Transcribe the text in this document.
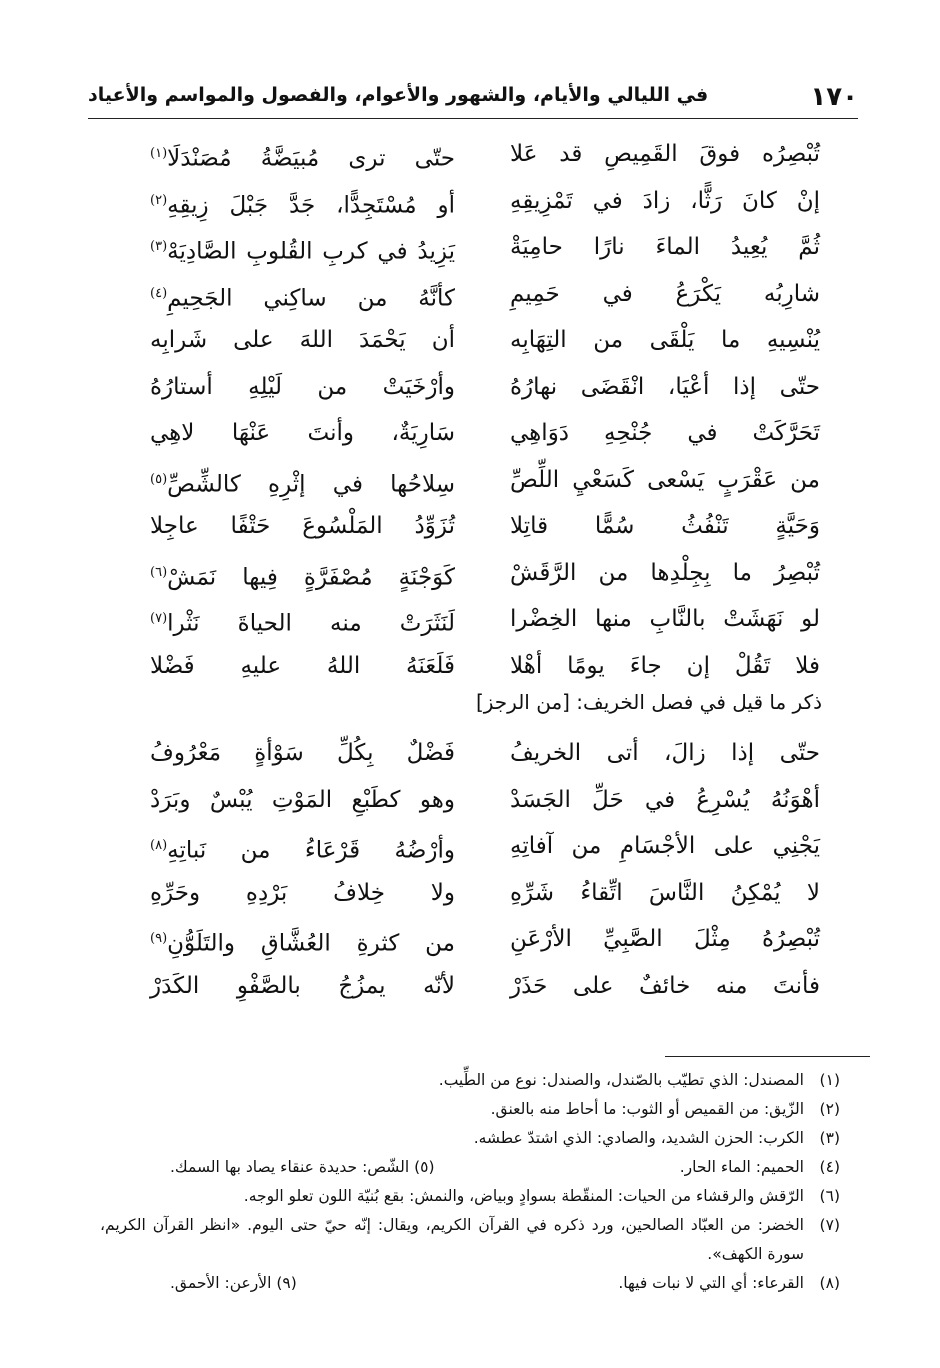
١٧٠
في الليالي والأيام، والشهور والأعوام، والفصول والمواسم والأعياد
تُبْصِرُه فوقَ القَمِيصِ قد عَلا
حتّى ترى مُبيَضَّةُ مُصَنْدَلَا$^{(١)}$
إنْ كانَ رَثًّا، زادَ في تَمْزِيقِهِ
أو مُسْتَجِدًّا، جَدَّ جَبْلَ زِيقِهِ$^{(٢)}$
ثُمَّ يُعِيدُ الماءَ نارًا حامِيَةْ
يَزِيدُ في كربِ القُلوبِ الصَّادِيَهْ$^{(٣)}$
شارِبُه يَكْرَعُ في حَمِيمِ
كأنَّهُ من ساكِني الجَحِيمِ$^{(٤)}$
يُنْسِيهِ ما يَلْقَى من التِهَابِه
أن يَحْمَدَ اللهَ على شَرابِه
حتّى إذا أعْيَا، انْقَضَى نهارُهُ
وأرْخَيَتْ من لَيْلِهِ أستارُهُ
تَحَرَّكَتْ في جُنْحِهِ دَوَاهِي
سَارِيَةٌ، وأنتَ عَنْهَا لاهِي
من عَقْرَبٍ يَسْعى كَسَعْيِ اللِّصِّ
سِلاحُها في إثْرِهِ كالشِّصِّ$^{(٥)}$
وَحَيَّةٍ تَنْفُثُ سُمًّا قاتِلا
تُزَوِّدُ المَلْسُوعَ حَتْفًا عاجِلا
تُبْصِرُ ما بِجِلْدِها من الرَّقَشْ
كَوَجْنَةٍ مُصْفَرَّةٍ فِيها نَمَشْ$^{(٦)}$
لو نَهَشَتْ بالنَّابِ منها الخِضْرا
لَنَثَرَتْ منه الحياةَ نَثْرا$^{(٧)}$
فلا تَقُلْ إن جاءَ يومًا أهْلا
فَلَعَنَهُ اللهُ عليهِ فَضْلا
ذكر ما قيل في فصل الخريف: [من الرجز]
حتّى إذا زالَ، أتى الخريفُ
فَضْلٌ بِكُلِّ سَوْأةٍ مَعْرُوفُ
أهْوَنُهُ يُسْرِعُ في حَلِّ الجَسَدْ
وهو كطَبْعِ المَوْتِ يُبْسٌ وبَرَدْ
يَجْنِي على الأجْسَامِ من آفاتِهِ
وأرْضُهُ قَرْعَاءُ من نَباتِهِ$^{(٨)}$
لا يُمْكِنُ النَّاسَ اتِّقاءُ شَرِّهِ
ولا خِلافُ بَرْدِهِ وحَرِّهِ
تُبْصِرُهُ مِثْلَ الصَّبِيِّ الأرْعَنِ
من كثرةِ العُشَّاقِ والتَلَوُّنِ$^{(٩)}$
فأنتَ منه خائفٌ على حَذَرْ
لأنّه يمزُجُ بالصَّفْوِ الكَدَرْ
(١)
المصندل: الذي تطيّب بالصّندل، والصندل: نوع من الطِّيب.
(٢)
الزّيق: من القميص أو الثوب: ما أحاط منه بالعنق.
(٣)
الكرب: الحزن الشديد، والصادي: الذي اشتدّ عطشه.
(٤)
الحميم: الماء الحار.
(٥) الشّص: حديدة عنقاء يصاد بها السمك.
(٦)
الرّقش والرقشاء من الحيات: المنقّطة بسوادٍ وبياض، والنمش: بقع بُنيّة اللون تعلو الوجه.
(٧)
الخضر: من العبّاد الصالحين، ورد ذكره في القرآن الكريم، ويقال: إنّه حيّ حتى اليوم. «انظر القرآن الكريم، سورة الكهف».
(٨)
القرعاء: أي التي لا نبات فيها.
(٩) الأرعن: الأحمق.
